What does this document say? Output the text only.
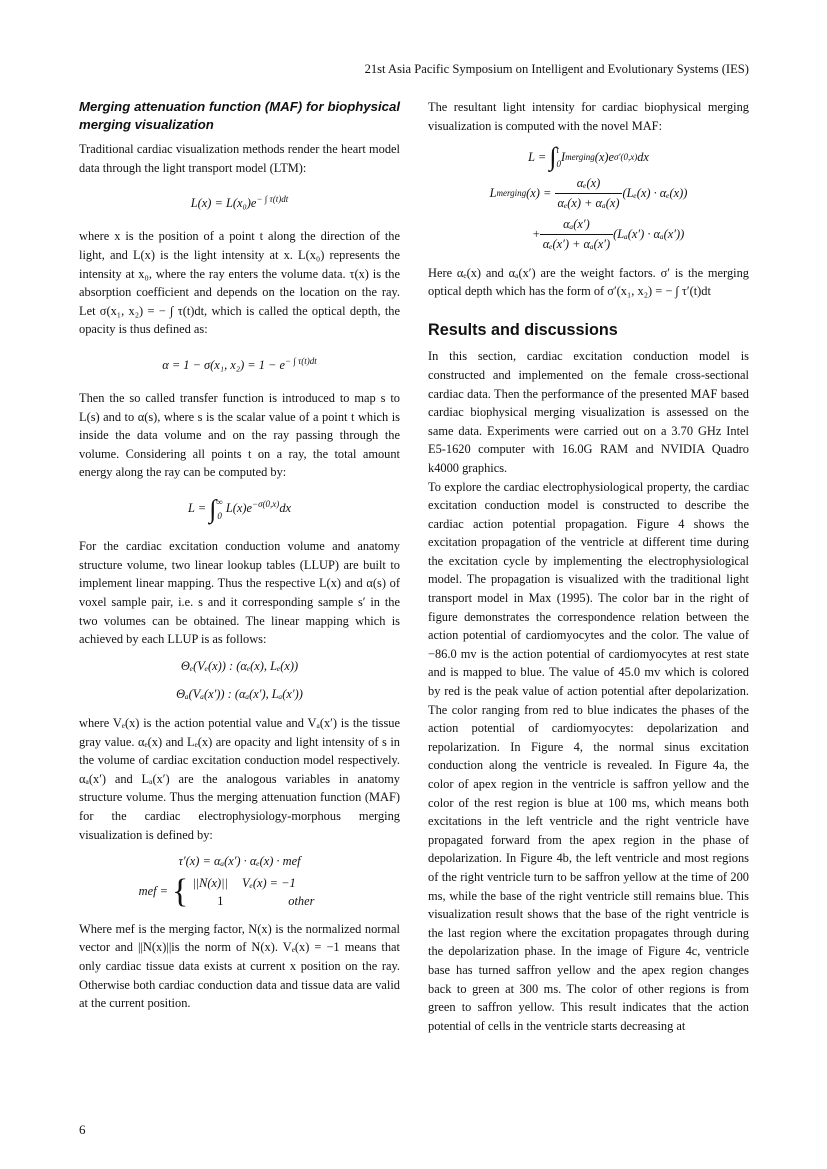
21st Asia Pacific Symposium on Intelligent and Evolutionary Systems (IES)
Merging attenuation function (MAF) for biophysical merging visualization

Traditional cardiac visualization methods render the heart model data through the light transport model (LTM):

$L(x) = L(x_0)e^{- \int \tau(t)dt}$

where x is the position of a point t along the direction of the light, and L(x) is the light intensity at x. L(x₀) represents the intensity at x₀, where the ray enters the volume data. τ(x) is the absorption coefficient and depends on the location on the ray. Let σ(x₁, x₂) = − ∫ τ(t)dt, which is called the optical depth, the opacity is thus defined as:

α = 1 − σ(x₁, $x_2) = 1 - e^{- \int \tau(t)dt}$

Then the so called transfer function is introduced to map s to L(s) and to α(s), where s is the scalar value of a point t which is inside the data volume and on the ray passing through the volume. Considering all points t on a ray, the total amount energy along the ray can be computed by:

L = ∫ ∞
0
$L(x)e^{-\sigma(0,x)}dx$

For the cardiac excitation conduction volume and anatomy structure volume, two linear lookup tables (LLUP) are built to implement linear mapping. Thus the respective L(x) and α(s) of voxel sample pair, i.e. s and it corresponding sample s′ in the two volumes can be obtained. The linear mapping which is achieved by each LLUP is as follows:

Θₑ(Vₑ(x)) : (αₑ(x), Lₑ(x))
Θₐ(Vₐ(x′)) : (αₐ(x′), Lₐ(x′))

where Vₑ(x) is the action potential value and Vₐ(x′) is the tissue gray value. αₑ(x) and Lₑ(x) are opacity and light intensity of s in the volume of cardiac excitation conduction model respectively. αₐ(x′) and Lₐ(x′) are the analogous variables in anatomy structure volume. Thus the merging attenuation function (MAF) for the cardiac electrophysiology-morphous merging visualization is defined by:

τ′(x) = αₐ(x′) · αₑ(x) · mef
mef = { ||N(x)|| Vₑ(x) = −1
1	other

Where mef is the merging factor, N(x) is the normalized normal vector and ||N(x)||is the norm of N(x). Vₑ(x) = −1 means that only cardiac tissue data exists at current x position on the ray. Otherwise both cardiac conduction data and tissue data are valid at the current position.

The resultant light intensity for cardiac biophysical merging visualization is computed with the novel MAF:

L =
∫ t
0
I merging (x)e σ′(0,x) dx
L merging (x) =
$\frac{\text{αₑ(x)}}{\text{αₑ(x) + αₐ(x)}} (L_e(x) \cdot \alpha_e(x))$
+ $\frac{\text{αₐ(x′)}}{\text{αₑ(x′) + αₐ(x′)}} (L_a(x') \cdot \alpha_a(x'))$

Here αₑ(x) and αₐ(x′) are the weight factors. σ′ is the merging optical depth which has the form of σ′(x₁, x₂) = − ∫ τ′(t)dt

Results and discussions

In this section, cardiac excitation conduction model is constructed and implemented on the female cross-sectional cardiac data. Then the performance of the presented MAF based cardiac biophysical merging visualization is assessed on the same data. Experiments were carried out on a 3.70 GHz Intel E5-1620 computer with 16.0G RAM and NVIDIA Quadro k4000 graphics.

To explore the cardiac electrophysiological property, the cardiac excitation conduction model is constructed to describe the cardiac action potential propagation. Figure 4 shows the excitation propagation of the ventricle at different time during the excitation cycle by implementing the electrophysiological model. The propagation is visualized with the traditional light transport model in Max (1995). The color bar in the right of figure demonstrates the correspondence relation between the action potential of cardiomyocytes and the color. The value of −86.0 mv is the action potential of cardiomyocytes at rest state and is mapped to blue. The value of 45.0 mv which is colored by red is the peak value of action potential after depolarization. The color ranging from red to blue indicates the phases of the action potential of cardiomyocytes: depolarization and repolarization. In Figure 4, the normal sinus excitation conduction along the ventricle is revealed. In Figure 4a, the color of apex region in the ventricle is saffron yellow and the color of the rest region is blue at 100 ms, which means both excitations in the left ventricle and the right ventricle have propagated forward from the apex region in the phase of depolarization. In Figure 4b, the left ventricle and most regions of the right ventricle turn to be saffron yellow at the time of 200 ms, while the base of the right ventricle still remains blue. This visualization result shows that the base of the right ventricle is the last region where the excitation propagates through during the depolarization phase. In the image of Figure 4c, ventricle base has turned saffron yellow and the apex region changes back to green at 300 ms. The color of other regions is from green to saffron yellow. This result indicates that the action potential of cells in the ventricle starts decreasing at

6
